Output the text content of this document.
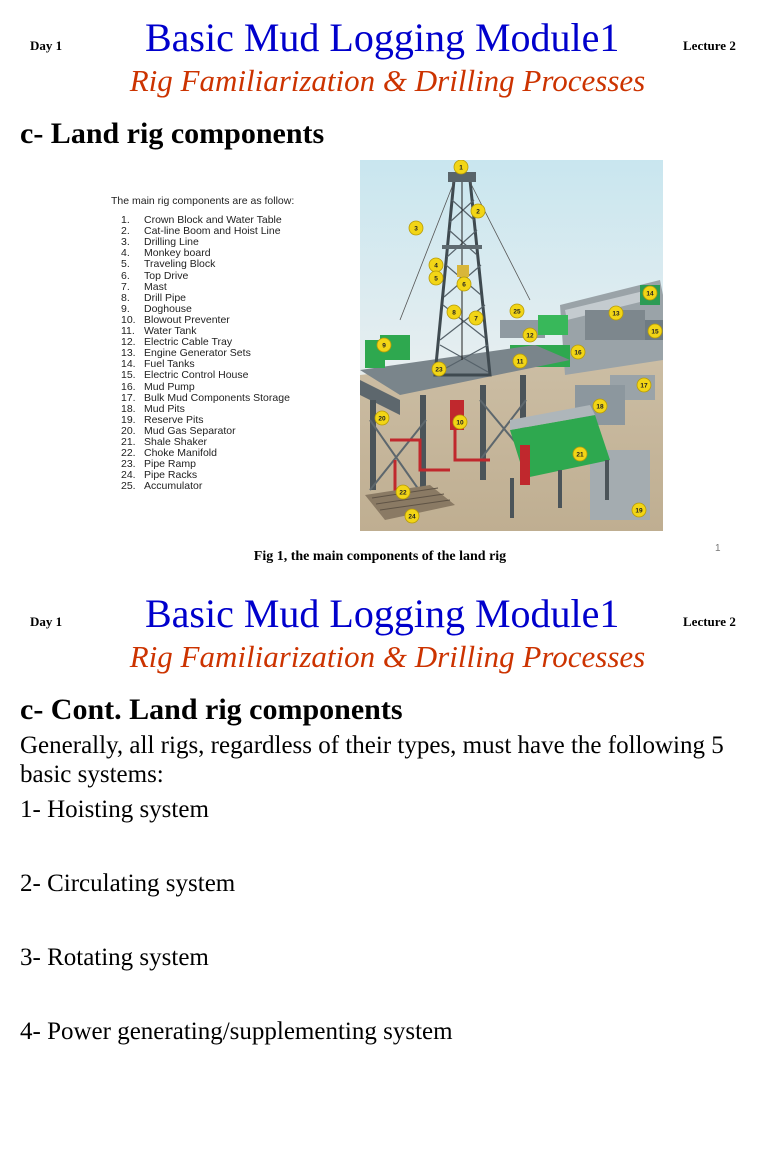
Day 1 Basic Mud Logging Module1	Lecture 2
Rig Familiarization & Drilling Processes
c- Land rig components
The main rig components are as follow:
1.	Crown Block and Water Table
2.	Cat-line Boom and Hoist Line
3.	Drilling Line
4.	Monkey board
5.	Traveling Block
6.	Top Drive
7.	Mast
8.	Drill Pipe
9.	Doghouse
10. Blowout Preventer
11. Water Tank
12. Electric Cable Tray
13. Engine Generator Sets
14. Fuel Tanks
15. Electric Control House
16. Mud Pump
17. Bulk Mud Components Storage
18. Mud Pits
19. Reserve Pits
20. Mud Gas Separator
21. Shale Shaker
22. Choke Manifold
23. Pipe Ramp
24. Pipe Racks
25. Accumulator
1
2
3
4
5
6
7
8
9
10
11
12
13
14
15
16
17
18
19
20
21
22
23
24
25
Fig 1, the main components of the land rig
1
Day 1 Basic Mud Logging Module1	Lecture 2
Rig Familiarization & Drilling Processes
c- Cont. Land rig components
Generally, all rigs, regardless of their types, must have the following 5 basic systems:
1- Hoisting system
2- Circulating system
3- Rotating system
4- Power generating/supplementing system
